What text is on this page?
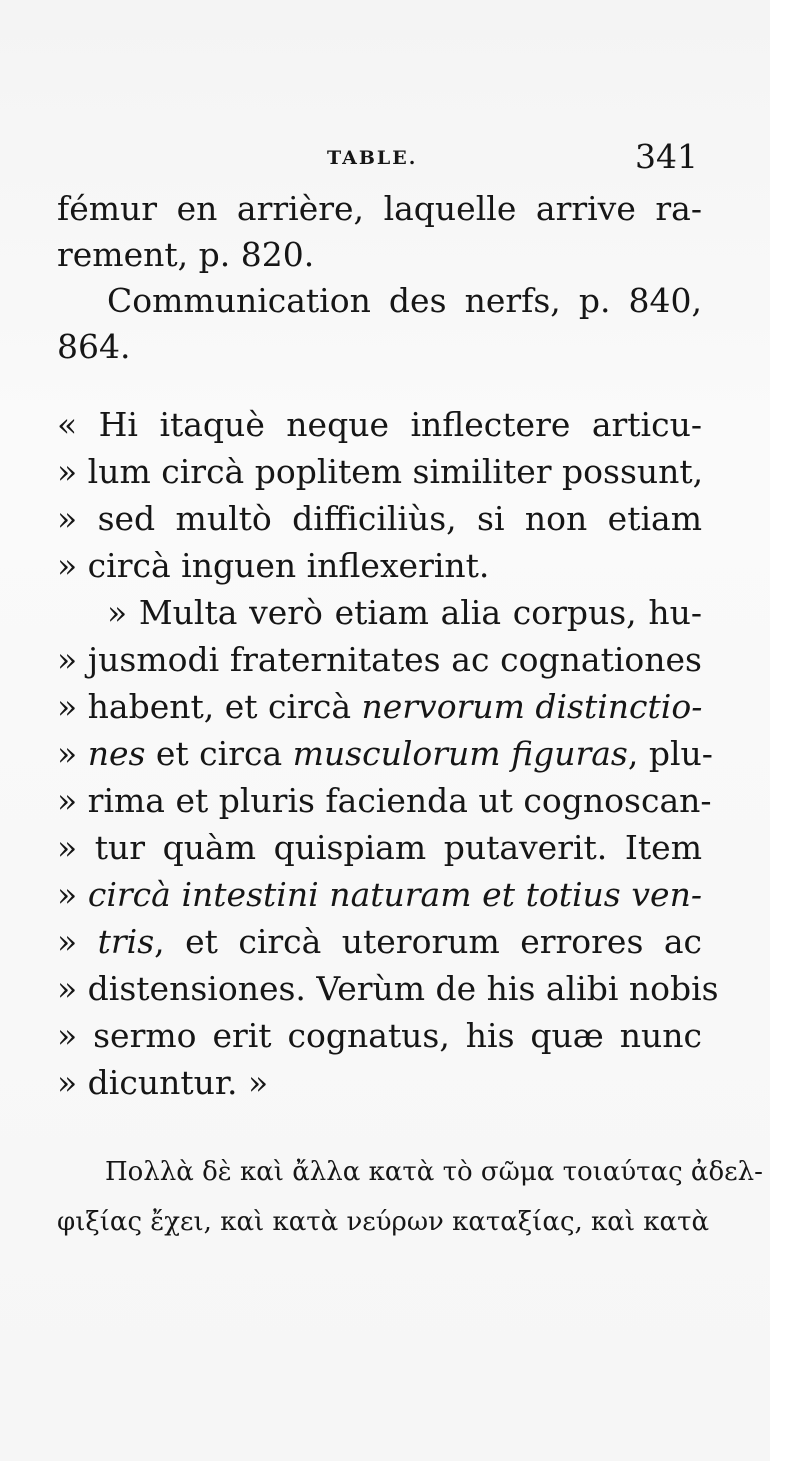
TABLE.	341
fémur en arrière, laquelle arrive ra-
rement, p. 820.
Communication des nerfs, p. 840,
864.
« Hi itaquè neque inflectere articu-
» lum circà poplitem similiter possunt,
» sed multò difficiliùs, si non etiam
» circà inguen inflexerint.
» Multa verò etiam alia corpus, hu-
» jusmodi fraternitates ac cognationes
» habent, et circà nervorum distinctio-
» nes et circa musculorum figuras, plu-
» rima et pluris facienda ut cognoscan-
» tur quàm quispiam putaverit. Item
» circà intestini naturam et totius ven-
» tris, et circà uterorum errores ac
» distensiones. Verùm de his alibi nobis
» sermo erit cognatus, his quæ nunc
» dicuntur. »
Πολλὰ δὲ καὶ ἄλλα κατὰ τὸ σῶμα τοιαύτας ἀδελ-
φιξίας ἔχει, καὶ κατὰ νεύρων καταξίας, καὶ κατὰ
